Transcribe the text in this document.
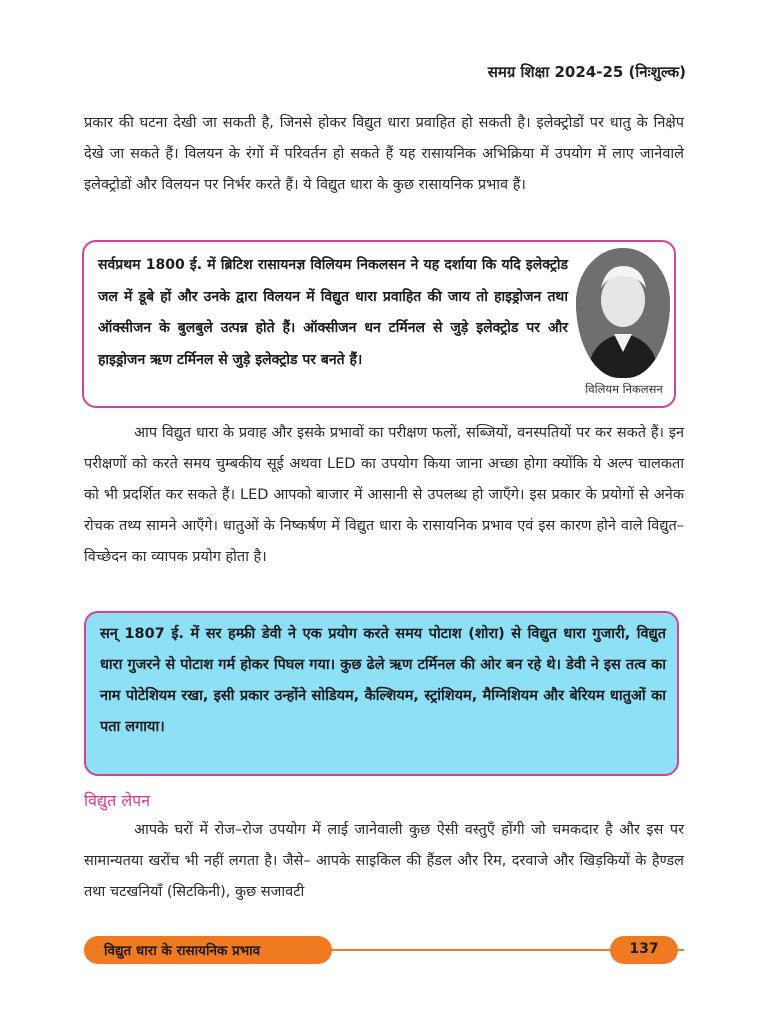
समग्र शिक्षा 2024-25 (निःशुल्क)

प्रकार की घटना देखी जा सकती है, जिनसे होकर विद्युत धारा प्रवाहित हो सकती है। इलेक्ट्रोडों पर धातु के निक्षेप देखे जा सकते हैं। विलयन के रंगों में परिवर्तन हो सकते हैं यह रासायनिक अभिक्रिया में उपयोग में लाए जानेवाले इलेक्ट्रोडों और विलयन पर निर्भर करते हैं। ये विद्युत धारा के कुछ रासायनिक प्रभाव हैं।

सर्वप्रथम 1800 ई. में ब्रिटिश रासायनज्ञ विलियम निकलसन ने यह दर्शाया कि यदि इलेक्ट्रोड जल में डूबे हों और उनके द्वारा विलयन में विद्युत धारा प्रवाहित की जाय तो हाइड्रोजन तथा ऑक्सीजन के बुलबुले उत्पन्न होते हैं। ऑक्सीजन धन टर्मिनल से जुड़े इलेक्ट्रोड पर और हाइड्रोजन ऋण टर्मिनल से जुड़े इलेक्ट्रोड पर बनते हैं।
विलियम निकलसन

आप विद्युत धारा के प्रवाह और इसके प्रभावों का परीक्षण फलों, सब्जियों, वनस्पतियों पर कर सकते हैं। इन परीक्षणों को करते समय चुम्बकीय सूई अथवा LED का उपयोग किया जाना अच्छा होगा क्योंकि ये अल्प चालकता को भी प्रदर्शित कर सकते हैं। LED आपको बाजार में आसानी से उपलब्ध हो जाएँगे। इस प्रकार के प्रयोगों से अनेक रोचक तथ्य सामने आएँगे। धातुओं के निष्कर्षण में विद्युत धारा के रासायनिक प्रभाव एवं इस कारण होने वाले विद्युत–विच्छेदन का व्यापक प्रयोग होता है।

सन् 1807 ई. में सर हम्फ्री डेवी ने एक प्रयोग करते समय पोटाश (शोरा) से विद्युत धारा गुजारी, विद्युत धारा गुजरने से पोटाश गर्म होकर पिघल गया। कुछ ढेले ऋण टर्मिनल की ओर बन रहे थे। डेवी ने इस तत्व का नाम पोटेशियम रखा, इसी प्रकार उन्होंने सोडियम, कैल्शियम, स्ट्रांशियम, मैग्निशियम और बेरियम धातुओं का पता लगाया।
विद्युत लेपन

आपके घरों में रोज–रोज उपयोग में लाई जानेवाली कुछ ऐसी वस्तुएँ होंगी जो चमकदार है और इस पर सामान्यतया खरोंच भी नहीं लगता है। जैसे– आपके साइकिल की हैंडल और रिम, दरवाजे और खिड़कियों के हैण्डल तथा चटखनियाँ (सिटकिनी), कुछ सजावटी

विद्युत धारा के रासायनिक प्रभाव	137
